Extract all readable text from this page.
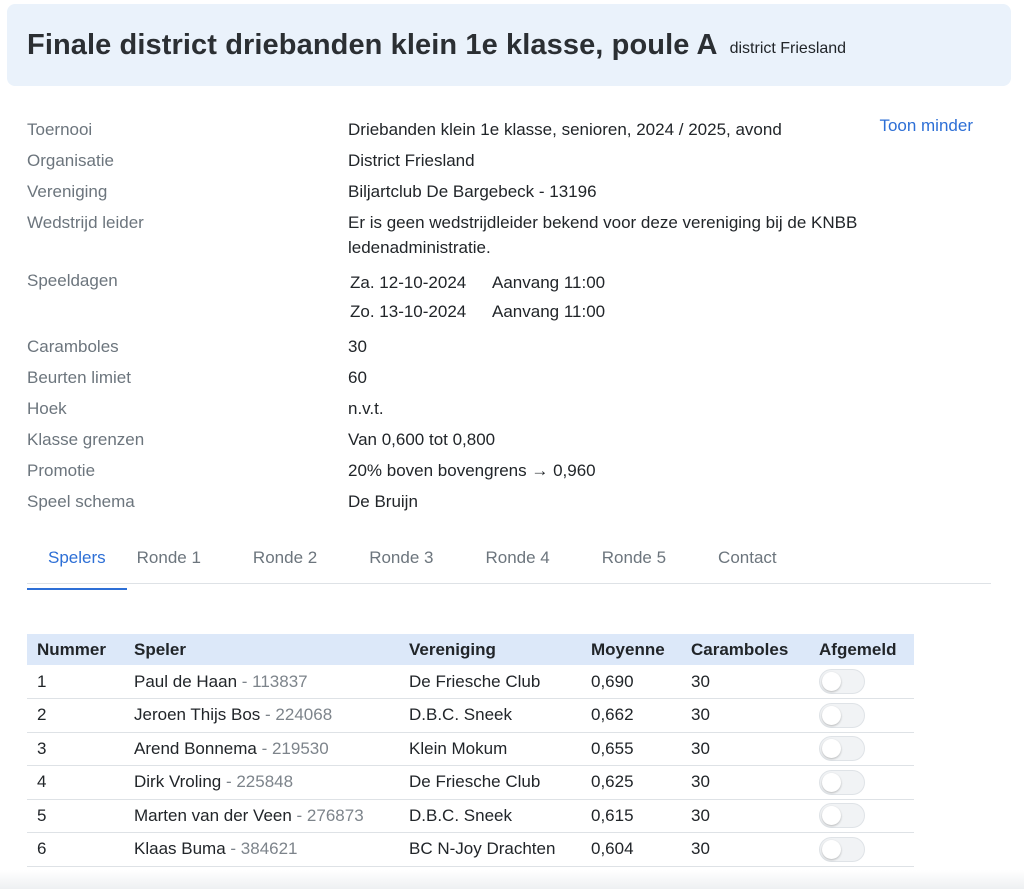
Finale district driebanden klein 1e klasse, poule A district Friesland
Toon minder
Toernooi	Driebanden klein 1e klasse, senioren, 2024 / 2025, avond
Organisatie	District Friesland
Vereniging	Biljartclub De Bargebeck - 13196
Wedstrijd leider	Er is geen wedstrijdleider bekend voor deze vereniging bij de KNBB ledenadministratie.
Speeldagen	Za. 12-10-2024 Aanvang 11:00
Zo. 13-10-2024 Aanvang 11:00
Caramboles	30
Beurten limiet	60
Hoek	n.v.t.
Klasse grenzen	Van 0,600 tot 0,800
Promotie	20% boven bovengrens → 0,960
Speel schema	De Bruijn
Spelers	Ronde 1	Ronde 2	Ronde 3	Ronde 4	Ronde 5	Contact
Nummer	Speler	Vereniging	Moyenne	Caramboles	Afgemeld
1	Paul de Haan - 113837	De Friesche Club	0,690	30	

2	Jeroen Thijs Bos - 224068	D.B.C. Sneek	0,662	30	

3	Arend Bonnema - 219530	Klein Mokum	0,655	30	

4	Dirk Vroling - 225848	De Friesche Club	0,625	30	

5	Marten van der Veen - 276873	D.B.C. Sneek	0,615	30	

6	Klaas Buma - 384621	BC N-Joy Drachten	0,604	30	
